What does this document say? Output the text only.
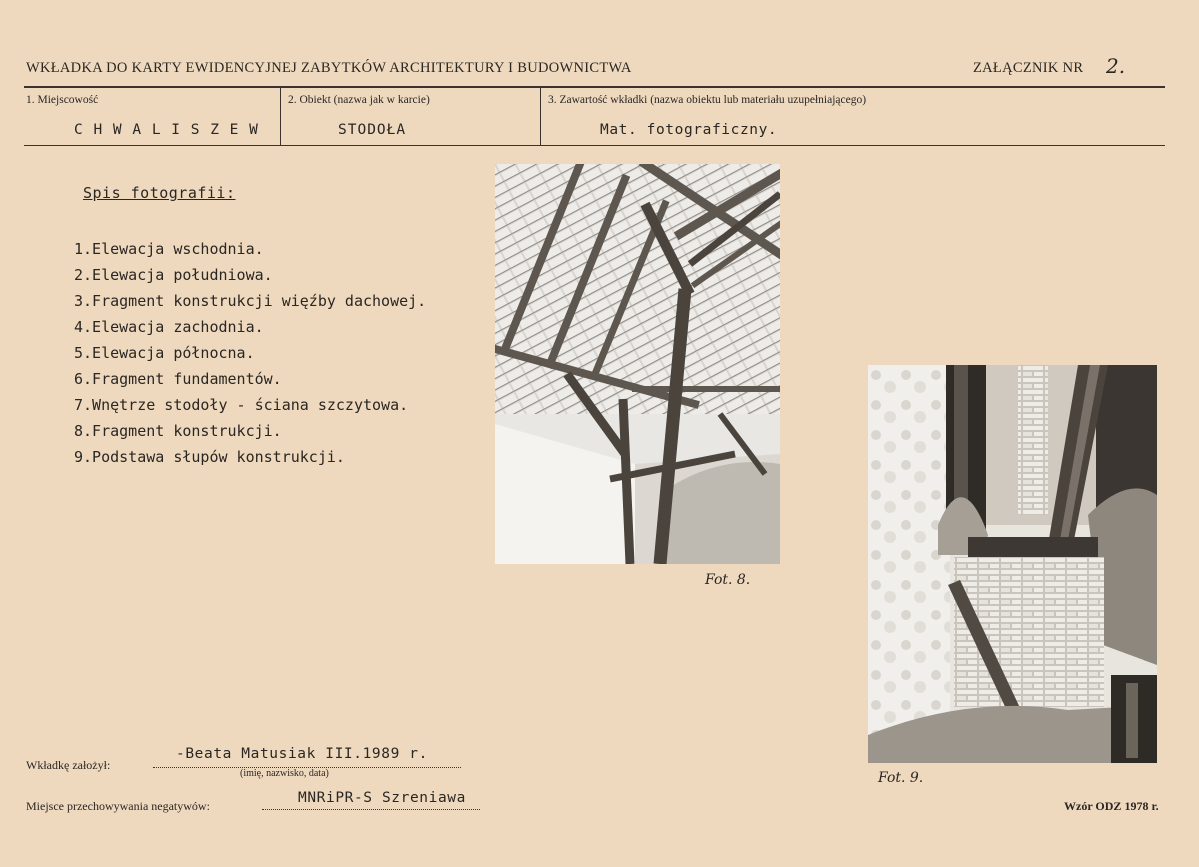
WKŁADKA DO KARTY EWIDENCYJNEJ ZABYTKÓW ARCHITEKTURY I BUDOWNICTWA	ZAŁĄCZNIK NR 2.
1. Miejscowość
C H W A L I S Z E W
2. Obiekt (nazwa jak w karcie)
STODOŁA
3. Zawartość wkładki (nazwa obiektu lub materiału uzupełniającego)
Mat. fotograficzny.
Spis fotografii:
1.Elewacja wschodnia.
2.Elewacja południowa.
3.Fragment konstrukcji więźby dachowej.
4.Elewacja zachodnia.
5.Elewacja północna.
6.Fragment fundamentów.
7.Wnętrze stodoły - ściana szczytowa.
8.Fragment konstrukcji.
9.Podstawa słupów konstrukcji.
Fot. 8.
Fot. 9.
Wkładkę założył:
-Beata Matusiak III.1989 r.
(imię, nazwisko, data)
Miejsce przechowywania negatywów:	MNRiPR-S Szreniawa	Wzór ODZ 1978 r.
